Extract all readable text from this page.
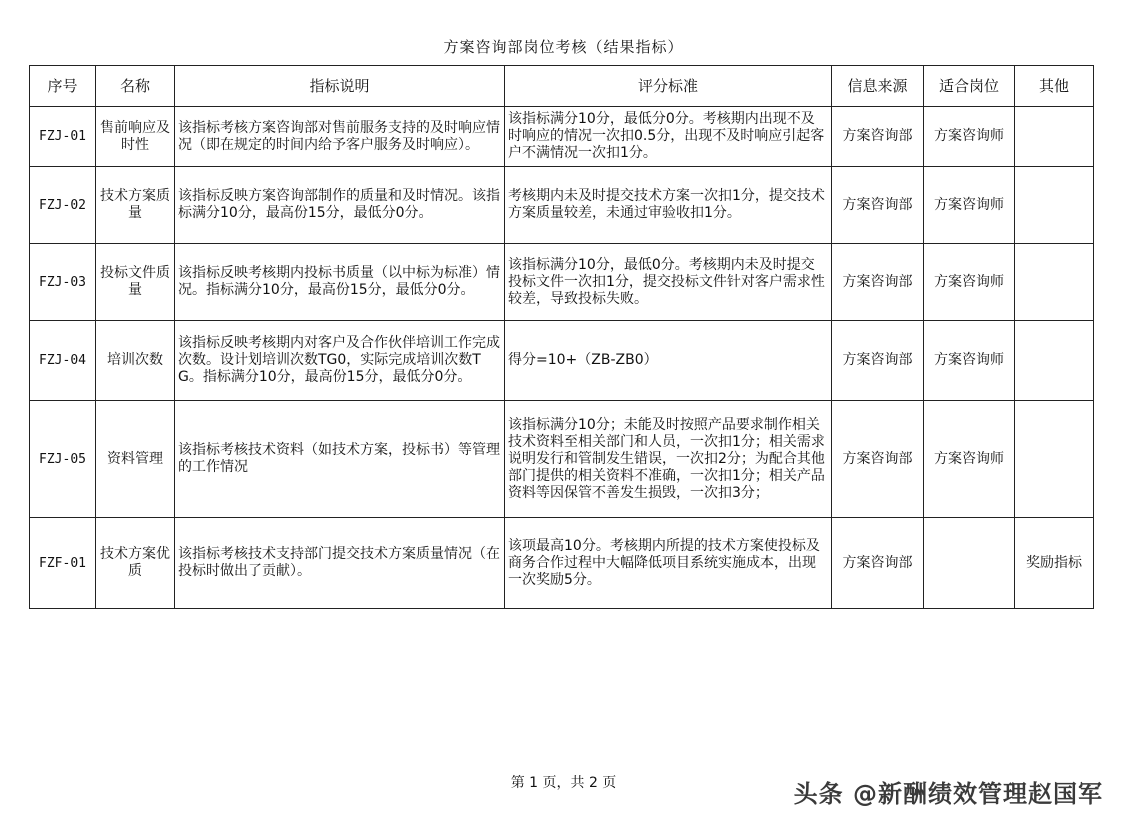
方案咨询部岗位考核（结果指标）
序号	名称	指标说明	评分标准	信息来源	适合岗位	其他
FZJ-01	售前响应及时性	该指标考核方案咨询部对售前服务支持的及时响应情况（即在规定的时间内给予客户服务及时响应）。	该指标满分10分，最低分0分。考核期内出现不及时响应的情况一次扣0.5分，出现不及时响应引起客户不满情况一次扣1分。	方案咨询部	方案咨询师	
FZJ-02	技术方案质量	该指标反映方案咨询部制作的质量和及时情况。该指标满分10分，最高份15分，最低分0分。	考核期内未及时提交技术方案一次扣1分，提交技术方案质量较差，未通过审验收扣1分。	方案咨询部	方案咨询师	
FZJ-03	投标文件质量	该指标反映考核期内投标书质量（以中标为标准）情况。指标满分10分，最高份15分，最低分0分。	该指标满分10分，最低0分。考核期内未及时提交投标文件一次扣1分，提交投标文件针对客户需求性较差，导致投标失败。	方案咨询部	方案咨询师	
FZJ-04	培训次数	该指标反映考核期内对客户及合作伙伴培训工作完成次数。设计划培训次数TG0，实际完成培训次数TG。指标满分10分，最高份15分，最低分0分。	得分=10+（ZB-ZB0）	方案咨询部	方案咨询师	
FZJ-05	资料管理	该指标考核技术资料（如技术方案，投标书）等管理的工作情况	该指标满分10分；未能及时按照产品要求制作相关技术资料至相关部门和人员，一次扣1分；相关需求说明发行和管制发生错误，一次扣2分；为配合其他部门提供的相关资料不准确，一次扣1分；相关产品资料等因保管不善发生损毁，一次扣3分；	方案咨询部	方案咨询师	
FZF-01	技术方案优质	该指标考核技术支持部门提交技术方案质量情况（在投标时做出了贡献）。	该项最高10分。考核期内所提的技术方案使投标及商务合作过程中大幅降低项目系统实施成本，出现一次奖励5分。	方案咨询部		奖励指标
第 1 页，共 2 页	头条 @新酬绩效管理赵国军
